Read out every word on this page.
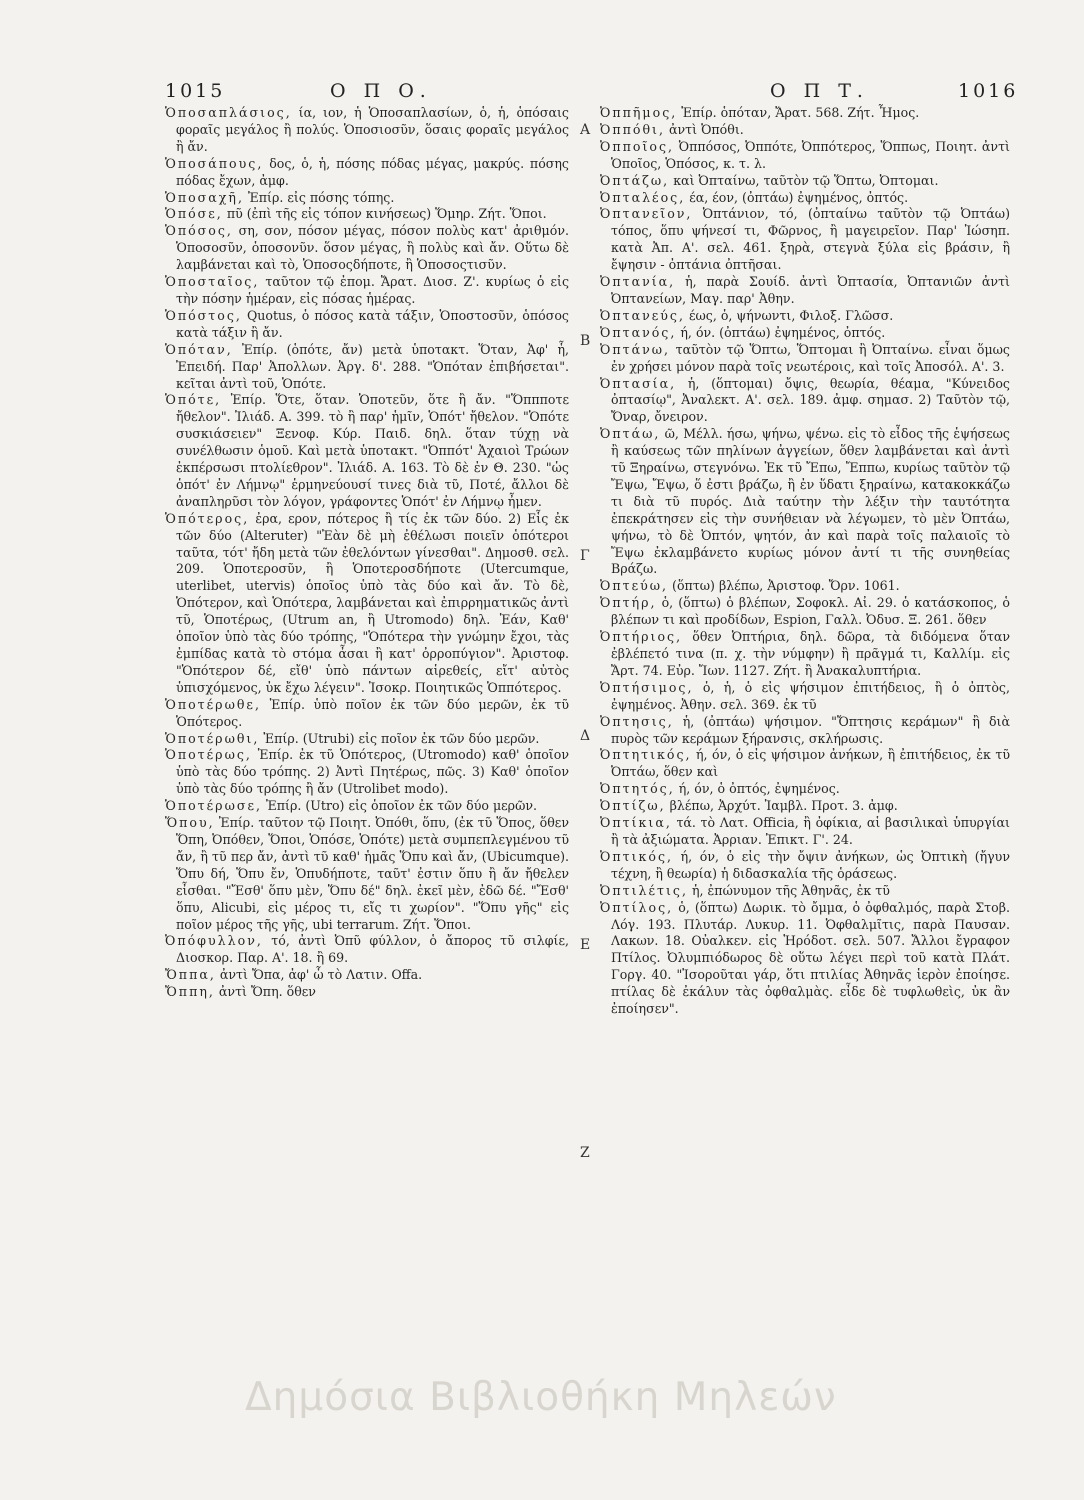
1015	Ο Π Ο.	Ο Π Τ.	1016

Ὁποσαπλάσιος, ία, ιον, ἡ Ὁποσαπλασίων, ὁ, ἡ, ὁπόσαις φοραῖς μεγάλος ἢ πολύς. Ὁποσιοσῦν, ὅσαις φοραῖς μεγάλος ἢ ἄν.

Ὁποσάπους, δος, ὁ, ἡ, πόσης πόδας μέγας, μακρύς. πόσης πόδας ἔχων, ἀμφ.

Ὁποσαχῆ, Ἐπίρ. εἰς πόσης τόπης.

Ὁπόσε, πῦ (ἐπὶ τῆς εἰς τόπον κινήσεως) Ὅμηρ. Ζήτ. Ὅποι.

Ὁπόσος, ση, σον, πόσον μέγας, πόσον πολὺς κατ' ἀριθμόν. Ὁποσοσῦν, ὁποσονῦν. ὅσον μέγας, ἢ πολὺς καὶ ἄν. Οὕτω δὲ λαμβάνεται καὶ τὸ, Ὁποσοςδήποτε, ἢ Ὁποσοςτισῦν.

Ὁποσταῖος, ταῦτον τῷ ἐπομ. Ἄρατ. Διοσ. Ζ'. κυρίως ὁ εἰς τὴν πόσην ἡμέραν, εἰς πόσας ἡμέρας.

Ὁπόστος, Quotus, ὁ πόσος κατὰ τάξιν, Ὁποστοσῦν, ὁπόσος κατὰ τάξιν ἢ ἄν.

Ὁπόταν, Ἐπίρ. (ὁπότε, ἄν) μετὰ ὑποτακτ. Ὅταν, Ἀφ' ἧ, Ἐπειδή. Παρ' Ἀπολλων. Ἀργ. δ'. 288. "Ὁπόταν ἐπιβήσεται". κεῖται ἀντὶ τοῦ, Ὁπότε.

Ὁπότε, Ἐπίρ. Ὅτε, ὅταν. Ὁποτεῦν, ὅτε ἢ ἄν. "Ὅππποτε ἤθελον". Ἰλιάδ. Α. 399. τὸ ἢ παρ' ἡμῖν, Ὁπότ' ἤθελον. "Ὁπότε συσκιάσειεν" Ξενοφ. Κύρ. Παιδ. δηλ. ὅταν τύχῃ νὰ συνέλθωσιν ὁμοῦ. Καὶ μετὰ ὑποτακτ. "Ὀππότ' Ἀχαιοὶ Τρώων ἐκπέρσωσι πτολίεθρον". Ἰλιάδ. Α. 163. Τὸ δὲ ἐν Θ. 230. "ὡς ὁπότ' ἐν Λήμνῳ" ἑρμηνεύουσί τινες διὰ τῦ, Ποτέ, ἄλλοι δὲ ἀναπληρῦσι τὸν λόγον, γράφοντες Ὁπότ' ἐν Λήμνῳ ἦμεν.

Ὁπότερος, ἐρα, ερον, πότερος ἢ τίς ἐκ τῶν δύο. 2) Εἷς ἐκ τῶν δύο (Alteruter) "Ἐὰν δὲ μὴ ἐθέλωσι ποιεῖν ὁπότεροι ταῦτα, τότ' ἤδη μετὰ τῶν ἐθελόντων γίνεσθαι". Δημοσθ. σελ. 209. Ὁποτεροσῦν, ἢ Ὁποτεροσδήποτε (Utercumque, uterlibet, utervis) ὁποῖος ὑπὸ τὰς δύο καὶ ἄν. Τὸ δὲ, Ὁπότερον, καὶ Ὁπότερα, λαμβάνεται καὶ ἐπιρρηματικῶς ἀντὶ τῦ, Ὁποτέρως, (Utrum an, ἢ Utromodo) δηλ. Ἐάν, Καθ' ὁποῖον ὑπὸ τὰς δύο τρόπης, "Ὁπότερα τὴν γνώμην ἔχοι, τὰς ἐμπίδας κατὰ τὸ στόμα ἆσαι ἢ κατ' ὀρροπύγιον". Ἀριστοφ. "Ὁπότερον δέ, εἴθ' ὑπὸ πάντων αἱρεθείς, εἴτ' αὐτὸς ὑπισχόμενος, ὐκ ἔχω λέγειν". Ἰσοκρ. Ποιητικῶς Ὁππότερος.

Ὁποτέρωθε, Ἐπίρ. ὑπὸ ποῖον ἐκ τῶν δύο μερῶν, ἐκ τῦ Ὁπότερος.

Ὁποτέρωθι, Ἐπίρ. (Utrubi) εἰς ποῖον ἐκ τῶν δύο μερῶν.

Ὁποτέρως, Ἐπίρ. ἐκ τῦ Ὁπότερος, (Utromodo) καθ' ὁποῖον ὑπὸ τὰς δύο τρόπης. 2) Ἀντὶ Πητέρως, πῶς. 3) Καθ' ὁποῖον ὑπὸ τὰς δύο τρόπης ἢ ἄν (Utrolibet modo).

Ὁποτέρωσε, Ἐπίρ. (Utro) εἰς ὁποῖον ἐκ τῶν δύο μερῶν.

Ὅπου, Ἐπίρ. ταῦτον τῷ Ποιητ. Ὀπόθι, ὅπυ, (ἐκ τῦ Ὅπος, ὅθεν Ὅπη, Ὀπόθεν, Ὅποι, Ὁπόσε, Ὁπότε) μετὰ συμπεπλεγμένου τῦ ἄν, ἢ τῦ περ ἄν, ἀντὶ τῦ καθ' ἡμᾶς Ὅπυ καὶ ἄν, (Ubicumque). Ὅπυ δή, Ὅπυ ἔν, Ὁπυδήποτε, ταῦτ' ἐστιν ὅπυ ἢ ἄν ἤθελεν εἶσθαι. "Ἔσθ' ὅπυ μὲν, Ὅπυ δέ" δηλ. ἐκεῖ μὲν, ἐδῶ δέ. "Ἔσθ' ὅπυ, Alicubi, εἰς μέρος τι, εἴς τι χωρίον". "Ὅπυ γῆς" εἰς ποῖον μέρος τῆς γῆς, ubi terrarum. Ζήτ. Ὅποι.

Ὀπόφυλλον, τό, ἀντὶ Ὀπῦ φύλλον, ὁ ἄπορος τῦ σιλφίε, Διοσκορ. Παρ. Α'. 18. ἢ 69.

Ὄππα, ἀντὶ Ὄπα, ἀφ' ὧ τὸ Λατιν. Offa.

Ὄππη, ἀντὶ Ὄπη. ὅθεν

A
B
Γ
Δ
E
Z

Ὀππῆμος, Ἐπίρ. ὁπόταν, Ἄρατ. 568. Ζήτ. Ἦμος.

Ὀππόθι, ἀντὶ Ὀπόθι.

Ὀπποῖος, Ὀππόσος, Ὀππότε, Ὀππότερος, Ὅππως, Ποιητ. ἀντὶ Ὁποῖος, Ὁπόσος, κ. τ. λ.

Ὀπτάζω, καὶ Ὀπταίνω, ταῦτὸν τῷ Ὅπτω, Ὀπτομαι.

Ὀπταλέος, έα, έον, (ὀπτάω) ἐψημένος, ὀπτός.

Ὀπτανεῖον, Ὀπτάνιον, τό, (ὀπταίνω ταῦτὸν τῷ Ὀπτάω) τόπος, ὅπυ ψήνεσί τι, Φῶρνος, ἢ μαγειρεῖον. Παρ' Ἰώσηπ. κατὰ Ἀπ. Α'. σελ. 461. ξηρὰ, στεγνὰ ξύλα εἰς βράσιν, ἢ ἔψησιν - ὀπτάνια ὀπτῆσαι.

Ὀπτανία, ἡ, παρὰ Σουίδ. ἀντὶ Ὀπτασία, Ὀπτανιῶν ἀντὶ Ὀπτανείων, Μαγ. παρ' Ἀθην.

Ὀπτανεύς, έως, ὁ, ψήνωντι, Φιλοξ. Γλῶσσ.

Ὀπτανός, ή, όν. (ὀπτάω) ἐψημένος, ὀπτός.

Ὀπτάνω, ταῦτὸν τῷ Ὅπτω, Ὅπτομαι ἢ Ὀπταίνω. εἶναι ὅμως ἐν χρήσει μόνον παρὰ τοῖς νεωτέροις, καὶ τοῖς Ἀποσόλ. Α'. 3.

Ὀπτασία, ἡ, (ὅπτομαι) ὄψις, θεωρία, θέαμα, "Κύνειδος ὀπτασίῳ", Ἀναλεκτ. Α'. σελ. 189. ἀμφ. σημασ. 2) Ταῦτὸν τῷ, Ὄναρ, ὄνειρον.

Ὀπτάω, ῶ, Μέλλ. ήσω, ψήνω, ψένω. εἰς τὸ εἶδος τῆς ἑψήσεως ἢ καύσεως τῶν πηλίνων ἀγγείων, ὅθεν λαμβάνεται καὶ ἀντὶ τῦ Ξηραίνω, στεγνόνω. Ἐκ τῦ Ἔπω, Ἔππω, κυρίως ταῦτὸν τῷ Ἔψω, Ἔψω, ὅ ἐστι βράζω, ἢ ἐν ὕδατι ξηραίνω, κατακοκκάζω τι διὰ τῦ πυρός. Διὰ ταύτην τὴν λέξιν τὴν ταυτότητα ἐπεκράτησεν εἰς τὴν συνήθειαν νὰ λέγωμεν, τὸ μὲν Ὀπτάω, ψήνω, τὸ δὲ Ὀπτόν, ψητόν, ἀν καὶ παρὰ τοῖς παλαιοῖς τὸ Ἔψω ἐκλαμβάνετο κυρίως μόνον ἀντί τι τῆς συνηθείας Βράζω.

Ὀπτεύω, (ὅπτω) βλέπω, Ἀριστοφ. Ὄρν. 1061.

Ὀπτήρ, ὁ, (ὅπτω) ὁ βλέπων, Σοφοκλ. Αἰ. 29. ὁ κατάσκοπος, ὁ βλέπων τι καὶ προδίδων, Espion, Γαλλ. Ὀδυσ. Ξ. 261. ὅθεν

Ὀπτήριος, ὅθεν Ὀπτήρια, δηλ. δῶρα, τὰ διδόμενα ὅταν ἐβλέπετό τινα (π. χ. τὴν νύμφην) ἢ πρᾶγμά τι, Καλλίμ. εἰς Ἄρτ. 74. Εὐρ. Ἴων. 1127. Ζήτ. ἢ Ἀνακαλυπτήρια.

Ὀπτήσιμος, ὁ, ἡ, ὁ εἰς ψήσιμον ἐπιτήδειος, ἢ ὁ ὀπτὸς, ἐψημένος. Ἀθην. σελ. 369. ἐκ τῦ

Ὀπτησις, ἡ, (ὀπτάω) ψήσιμον. "Ὄπτησις κεράμων" ἢ διὰ πυρὸς τῶν κεράμων ξήρανσις, σκλήρωσις.

Ὀπτητικός, ή, όν, ὁ εἰς ψήσιμον ἀνήκων, ἢ ἐπιτήδειος, ἐκ τῦ Ὀπτάω, ὅθεν καὶ

Ὀπτητός, ή, όν, ὁ ὀπτός, ἐψημένος.

Ὀπτίζω, βλέπω, Ἀρχύτ. Ἰαμβλ. Προτ. 3. ἀμφ.

Ὀπτίκια, τά. τὸ Λατ. Officia, ἢ ὀφίκια, αἱ βασιλικαὶ ὑπυργίαι ἢ τὰ ἀξιώματα. Ἀρριαν. Ἐπικτ. Γ'. 24.

Ὀπτικός, ή, όν, ὁ εἰς τὴν ὄψιν ἀνήκων, ὡς Ὀπτικὴ (ἤγυν τέχνη, ἢ θεωρία) ἡ διδασκαλία τῆς ὁράσεως.

Ὀπτιλέτις, ἡ, ἐπώνυμον τῆς Ἀθηνᾶς, ἐκ τῦ

Ὀπτίλος, ὁ, (ὅπτω) Δωρικ. τὸ ὄμμα, ὁ ὀφθαλμός, παρὰ Στοβ. Λόγ. 193. Πλυτάρ. Λυκυρ. 11. Ὀφθαλμῖτις, παρὰ Παυσαν. Λακων. 18. Οὐαλκεν. εἰς Ἡρόδοτ. σελ. 507. Ἄλλοι ἔγραφον Πτίλος. Ὀλυμπιόδωρος δὲ οὕτω λέγει περὶ τοῦ κατὰ Πλάτ. Γοργ. 40. "Ἰσοροῦται γάρ, ὅτι πτιλίας Ἀθηνᾶς ἱερὸν ἐποίησε. πτίλας δὲ ἐκάλυν τὰς ὀφθαλμὰς. εἶδε δὲ τυφλωθεὶς, ὐκ ἂν ἐποίησεν".

Δημόσια Βιβλιοθήκη Μηλεών
